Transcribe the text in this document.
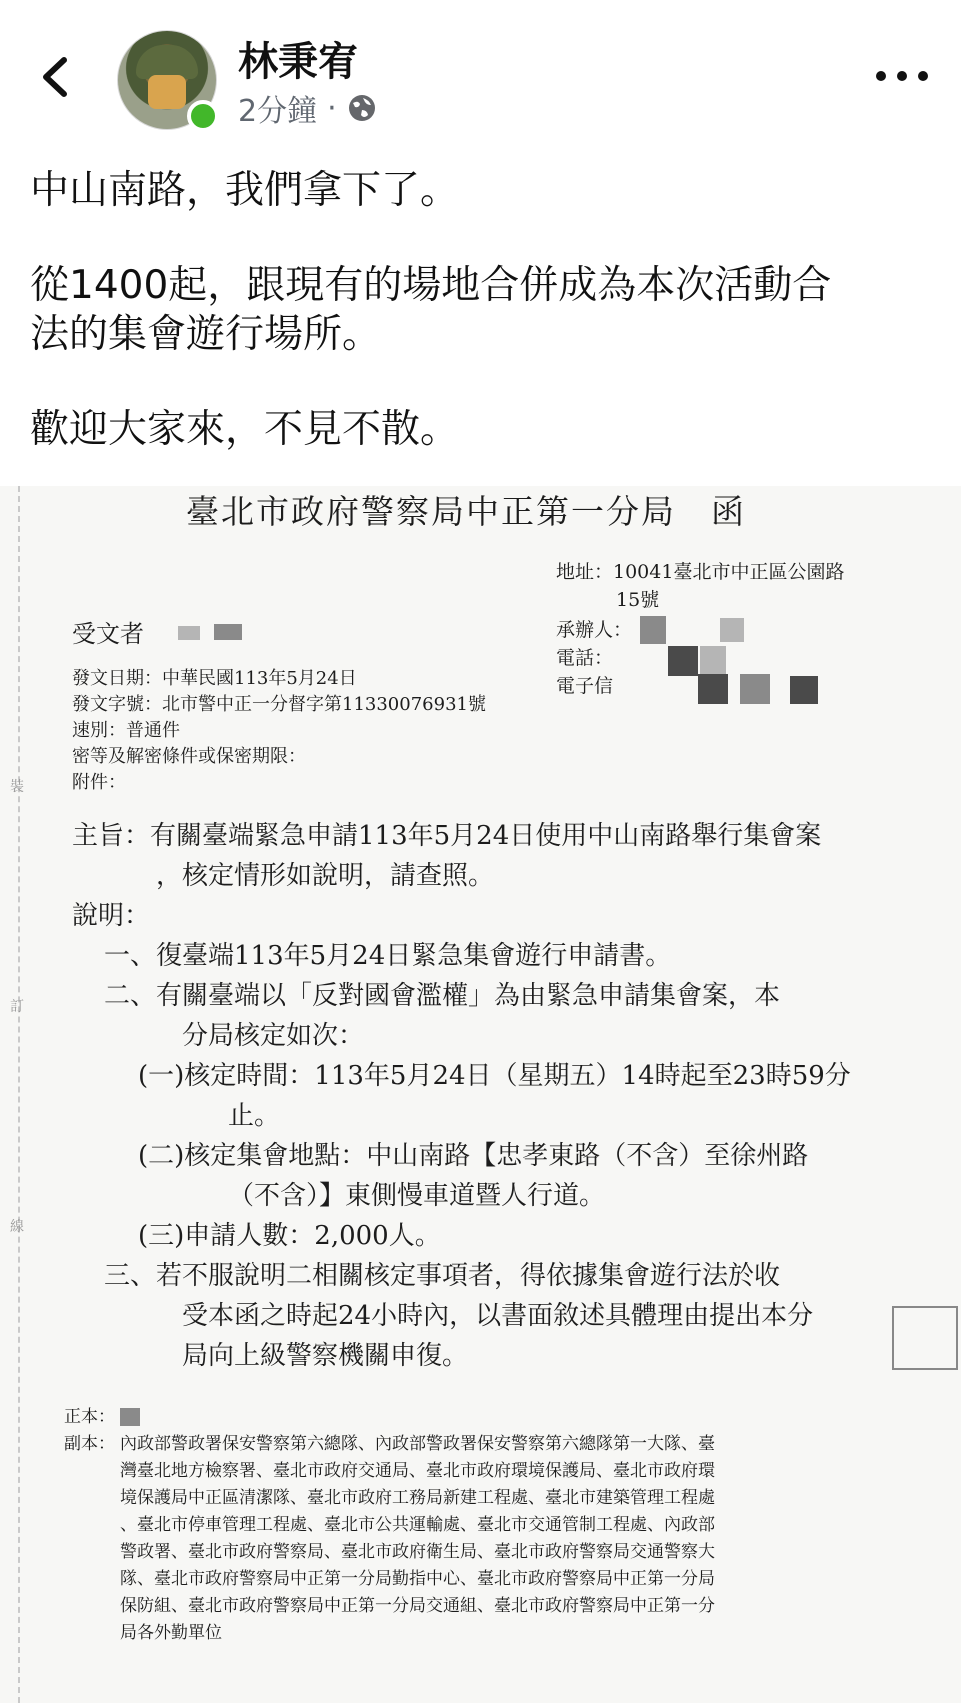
林秉宥
2分鐘 ·

中山南路，我們拿下了。

從1400起，跟現有的場地合併成為本次活動合

法的集會遊行場所。

歡迎大家來，不見不散。

裝
訂
線
臺北市政府警察局中正第一分局　函
地址：10041臺北市中正區公園路
15號
受文者	承辦人：
電話：
電子信
發文日期：中華民國113年5月24日
發文字號：北市警中正一分督字第11330076931號
速別：普通件
密等及解密條件或保密期限：
附件：
主旨：有關臺端緊急申請113年5月24日使用中山南路舉行集會案
，核定情形如說明，請查照。
說明：
一、復臺端113年5月24日緊急集會遊行申請書。
二、有關臺端以「反對國會濫權」為由緊急申請集會案，本
分局核定如次：
(一)核定時間：113年5月24日（星期五）14時起至23時59分
止。
(二)核定集會地點：中山南路【忠孝東路（不含）至徐州路
（不含）】東側慢車道暨人行道。
(三)申請人數：2,000人。
三、若不服說明二相關核定事項者，得依據集會遊行法於收
受本函之時起24小時內，以書面敘述具體理由提出本分
局向上級警察機關申復。
正本：
副本： 內政部警政署保安警察第六總隊、內政部警政署保安警察第六總隊第一大隊、臺
灣臺北地方檢察署、臺北市政府交通局、臺北市政府環境保護局、臺北市政府環
境保護局中正區清潔隊、臺北市政府工務局新建工程處、臺北市建築管理工程處
、臺北市停車管理工程處、臺北市公共運輸處、臺北市交通管制工程處、內政部
警政署、臺北市政府警察局、臺北市政府衛生局、臺北市政府警察局交通警察大
隊、臺北市政府警察局中正第一分局勤指中心、臺北市政府警察局中正第一分局
保防組、臺北市政府警察局中正第一分局交通組、臺北市政府警察局中正第一分
局各外勤單位
